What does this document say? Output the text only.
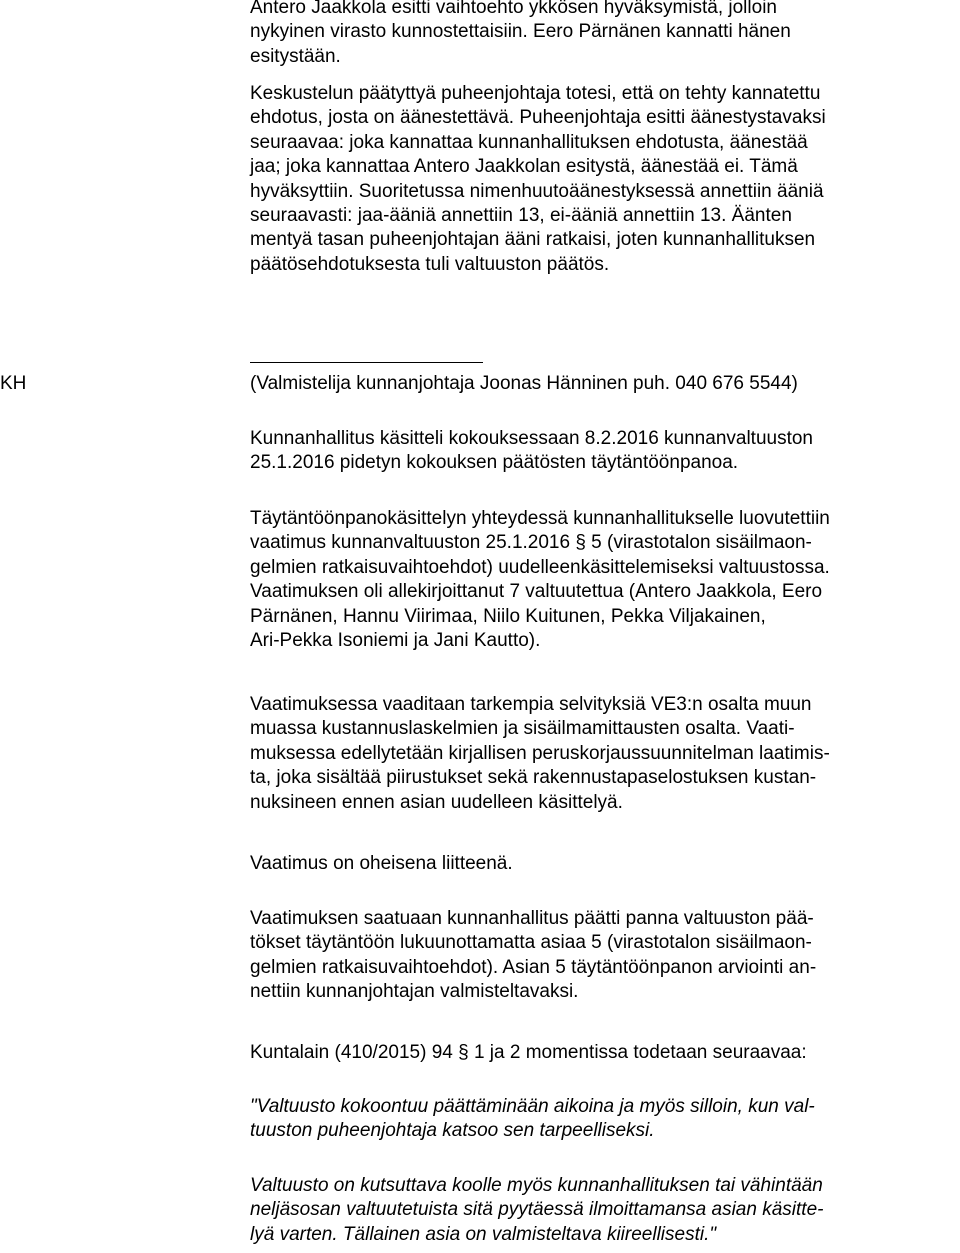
Antero Jaakkola esitti vaihtoehto ykkösen hyväksymistä, jolloin
nykyinen virasto kunnostettaisiin. Eero Pärnänen kannatti hänen
esitystään.
Keskustelun päätyttyä puheenjohtaja totesi, että on tehty kannatettu
ehdotus, josta on äänestettävä. Puheenjohtaja esitti äänestystavaksi
seuraavaa: joka kannattaa kunnanhallituksen ehdotusta, äänestää
jaa; joka kannattaa Antero Jaakkolan esitystä, äänestää ei. Tämä
hyväksyttiin. Suoritetussa nimenhuutoäänestyksessä annettiin ääniä
seuraavasti: jaa-ääniä annettiin 13, ei-ääniä annettiin 13. Äänten
mentyä tasan puheenjohtajan ääni ratkaisi, joten kunnanhallituksen
päätösehdotuksesta tuli valtuuston päätös.
KH	(Valmistelija kunnanjohtaja Joonas Hänninen puh. 040 676 5544)
Kunnanhallitus käsitteli kokouksessaan 8.2.2016 kunnanvaltuuston
25.1.2016 pidetyn kokouksen päätösten täytäntöönpanoa.
Täytäntöönpanokäsittelyn yhteydessä kunnanhallitukselle luovutettiin
vaatimus kunnanvaltuuston 25.1.2016 § 5 (virastotalon sisäilmaon-
gelmien ratkaisuvaihtoehdot) uudelleenkäsittelemiseksi valtuustossa.
Vaatimuksen oli allekirjoittanut 7 valtuutettua (Antero Jaakkola, Eero
Pärnänen, Hannu Viirimaa, Niilo Kuitunen, Pekka Viljakainen,
Ari-Pekka Isoniemi ja Jani Kautto).
Vaatimuksessa vaaditaan tarkempia selvityksiä VE3:n osalta muun
muassa kustannuslaskelmien ja sisäilmamittausten osalta. Vaati-
muksessa edellytetään kirjallisen peruskorjaussuunnitelman laatimis-
ta, joka sisältää piirustukset sekä rakennustapaselostuksen kustan-
nuksineen ennen asian uudelleen käsittelyä.
Vaatimus on oheisena liitteenä.
Vaatimuksen saatuaan kunnanhallitus päätti panna valtuuston pää-
tökset täytäntöön lukuunottamatta asiaa 5 (virastotalon sisäilmaon-
gelmien ratkaisuvaihtoehdot). Asian 5 täytäntöönpanon arviointi an-
nettiin kunnanjohtajan valmisteltavaksi.
Kuntalain (410/2015) 94 § 1 ja 2 momentissa todetaan seuraavaa:
"Valtuusto kokoontuu päättäminään aikoina ja myös silloin, kun val-
tuuston puheenjohtaja katsoo sen tarpeelliseksi.
Valtuusto on kutsuttava koolle myös kunnanhallituksen tai vähintään
neljäsosan valtuutetuista sitä pyytäessä ilmoittamansa asian käsitte-
lyä varten. Tällainen asia on valmisteltava kiireellisesti."
